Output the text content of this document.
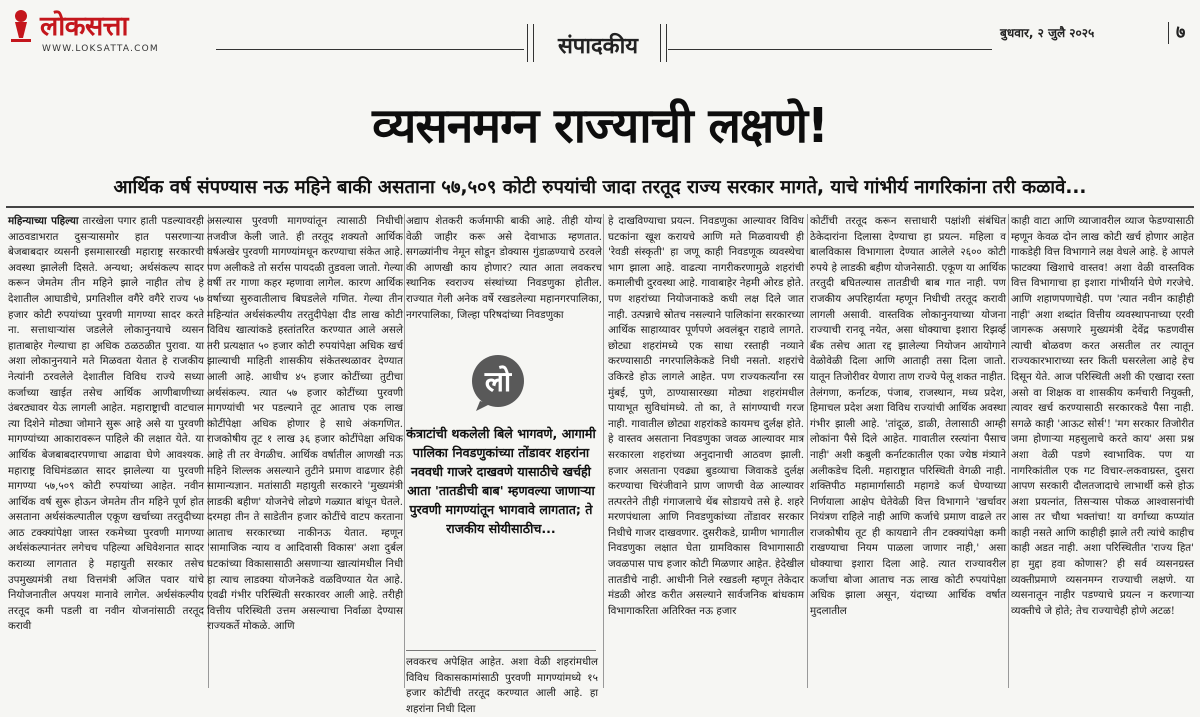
लोकसत्ता
WWW.LOKSATTA.COM	संपादकीय
बुधवार, २ जुलै २०२५	७
व्यसनमग्न राज्याची लक्षणे!
आर्थिक वर्ष संपण्यास नऊ महिने बाकी असताना ५७,५०९ कोटी रुपयांची जादा तरतूद राज्य सरकार मागते, याचे गांभीर्य नागरिकांना तरी कळावे...

महिन्याच्या पहिल्या तारखेला पगार हाती पडल्यावरही आठवडाभरात दुसऱ्यासमोर हात पसरणाऱ्या बेजबाबदार व्यसनी इसमासारखी महाराष्ट्र सरकारची अवस्था झालेली दिसते. अन्यथा; अर्थसंकल्प सादर करून जेमतेम तीन महिने झाले नाहीत तोच हे देशातील आघाडीचे, प्रगतिशील वगैरे वगैरे राज्य ५७ हजार कोटी रुपयांच्या पुरवणी मागण्या सादर करते ना. सत्ताधाऱ्यांस जडलेले लोकानुनयाचे व्यसन हाताबाहेर गेल्याचा हा अधिक ठळठळीत पुरावा. या अशा लोकानुनयाने मते मिळवता येतात हे राजकीय नेत्यांनी ठरवलेले देशातील विविध राज्ये सध्या कर्जाच्या खाईत तसेच आर्थिक आणीबाणीच्या उंबरठ्यावर येऊ लागली आहेत. महाराष्ट्राची वाटचाल त्या दिशेने मोठ्या जोमाने सुरू आहे असे या पुरवणी मागण्यांच्या आकारावरून पाहिले की लक्षात येते. या आर्थिक बेजबाबदारपणाचा आढावा घेणे आवश्यक. महाराष्ट्र विधिमंडळात सादर झालेल्या या पुरवणी मागण्या ५७,५०९ कोटी रुपयांच्या आहेत. नवीन आर्थिक वर्ष सुरू होऊन जेमतेम तीन महिने पूर्ण होत असताना अर्थसंकल्पातील एकूण खर्चाच्या तरतुदीच्या आठ टक्क्यांपेक्षा जास्त रकमेच्या पुरवणी मागण्या अर्थसंकल्पानंतर लगेचच पहिल्या अधिवेशनात सादर कराव्या लागतात हे महायुती सरकार तसेच उपमुख्यमंत्री तथा वित्तमंत्री अजित पवार यांचे नियोजनातील अपयश मानावे लागेल. अर्थसंकल्पीय तरतूद कमी पडली वा नवीन योजनांसाठी तरतूद करावी

असल्यास पुरवणी मागण्यांतून त्यासाठी निधीची तजवीज केली जाते. ही तरतूद शक्यतो आर्थिक वर्षअखेर पुरवणी मागण्यांमधून करण्याचा संकेत आहे. पण अलीकडे तो सर्रास पायदळी तुडवला जातो. गेल्या वर्षी तर गाणा कहर म्हणावा लागेल. कारण आर्थिक वर्षाच्या सुरुवातीलाच बिघडलेले गणित. गेल्या तीन महिन्यांत अर्थसंकल्पीय तरतुदीपेक्षा दीड लाख कोटी विविध खात्यांकडे हस्तांतरित करण्यात आले असले तरी प्रत्यक्षात ५० हजार कोटी रुपयांपेक्षा अधिक खर्च झाल्याची माहिती शासकीय संकेतस्थळावर देण्यात आली आहे. आधीच ४५ हजार कोटींच्या तुटीचा अर्थसंकल्प. त्यात ५७ हजार कोटींच्या पुरवणी मागण्यांची भर पडल्याने तूट आताच एक लाख कोटींपेक्षा अधिक होणार हे साधे अंकगणित. राजकोषीय तूट १ लाख ३६ हजार कोटींपेक्षा अधिक आहे ती तर वेगळीच. आर्थिक वर्षातील आणखी नऊ महिने शिल्लक असल्याने तुटीने प्रमाण वाढणार हेही सामान्यज्ञान. मतांसाठी महायुती सरकारने 'मुख्यमंत्री लाडकी बहीण' योजनेचे लोढणे गळ्यात बांधून घेतले. दरमहा तीन ते साडेतीन हजार कोटींचे वाटप करताना आताच सरकारच्या नाकीनऊ येतात. म्हणून 'सामाजिक न्याय व आदिवासी विकास' अशा दुर्बल घटकांच्या विकासासाठी असणाऱ्या खात्यांमधील निधी हा त्याच लाडक्या योजनेकडे वळविण्यात येत आहे. एवढी गंभीर परिस्थिती सरकारवर आली आहे. तरीही वित्तीय परिस्थिती उत्तम असल्याचा निर्वाळा देण्यास राज्यकर्ते मोकळे. आणि

अद्याप शेतकरी कर्जमाफी बाकी आहे. तीही योग्य वेळी जाहीर करू असे देवाभाऊ म्हणतात. सगळ्यांनीच नेमून सोडून डोक्यास गुंडाळण्याचे ठरवले की आणखी काय होणार? त्यात आता लवकरच स्थानिक स्वराज्य संस्थांच्या निवडणुका होतील. राज्यात गेली अनेक वर्षे रखडलेल्या महानगरपालिका, नगरपालिका, जिल्हा परिषदांच्या निवडणुका

लो
कंत्राटांची थकलेली बिले भागवणे, आगामी पालिका निवडणुकांच्या तोंडावर शहरांना नववधी गाजरे दाखवणे यासाठीचे खर्चही आता 'तातडीची बाब' म्हणवल्या जाणाऱ्या पुरवणी मागण्यांतून भागवावे लागतात; ते राजकीय सोयीसाठीच...

लवकरच अपेक्षित आहेत. अशा वेळी शहरांमधील विविध विकासकामांसाठी पुरवणी मागण्यांमध्ये १५ हजार कोटींची तरतूद करण्यात आली आहे. हा शहरांना निधी दिला

हे दाखविण्याचा प्रयत्न. निवडणुका आल्यावर विविध घटकांना खूश करायचे आणि मते मिळवायची ही 'रेवडी संस्कृती' हा जणू काही निवडणूक व्यवस्थेचा भाग झाला आहे. वाढत्या नागरीकरणामुळे शहरांची कमालीची दुरवस्था आहे. गावाबाहेर नेहमी ओरड होते. पण शहरांच्या नियोजनाकडे कधी लक्ष दिले जात नाही. उत्पन्नाचे स्रोतच नसल्याने पालिकांना सरकारच्या आर्थिक साहाय्यावर पूर्णपणे अवलंबून राहावे लागते. छोट्या शहरांमध्ये एक साधा रस्ताही नव्याने करण्यासाठी नगरपालिकेकडे निधी नसतो. शहरांचे उकिरडे होऊ लागले आहेत. पण राज्यकर्त्यांना रस मुंबई, पुणे, ठाण्यासारख्या मोठ्या शहरांमधील पायाभूत सुविधांमध्ये. तो का, ते सांगण्याची गरज नाही. गावातील छोट्या शहरांकडे कायमच दुर्लक्ष होते. हे वास्तव असताना निवडणुका जवळ आल्यावर मात्र सरकारला शहरांच्या अनुदानाची आठवण झाली. हजार असताना एवढ्या बुडव्याचा जिवाकडे दुर्लक्ष करण्याचा चिरंजीवाने प्राण जाणची वेळ आल्यावर तत्परतेने तीही गंगाजलाचे थेंब सोडायचे तसे हे. शहरे मरणपंथाला आणि निवडणुकांच्या तोंडावर सरकार निधीचे गाजर दाखवणार. दुसरीकडे, ग्रामीण भागातील निवडणुका लक्षात घेता ग्रामविकास विभागासाठी जवळपास पाच हजार कोटी मिळणार आहेत. हेदेखील तातडीचे नाही. आधीनी निले रखडली म्हणून तेकेदार मंडळी ओरड करीत असल्याने सार्वजनिक बांधकाम विभागाकरिता अतिरिक्त नऊ हजार

कोटींची तरतूद करून सत्ताधारी पक्षांशी संबंधित ठेकेदारांना दिलासा देण्याचा हा प्रयत्न. महिला व बालविकास विभागाला देण्यात आलेले २६०० कोटी रुपये हे लाडकी बहीण योजनेसाठी. एकूण या आर्थिक तरतुदी बघितल्यास तातडीची बाब गात नाही. पण राजकीय अपरिहार्यता म्हणून निधीची तरतूद करावी लागली असावी. वास्तविक लोकानुनयाच्या योजना राज्याची रानवू नयेत, असा धोक्याचा इशारा रिझर्व्ह बँक तसेच आता रद्द झालेल्या नियोजन आयोगाने वेळोवेळी दिला आणि आताही तसा दिला जातो. यातून तिजोरीवर येणारा ताण राज्ये पेलू शकत नाहीत. तेलंगणा, कर्नाटक, पंजाब, राजस्थान, मध्य प्रदेश, हिमाचल प्रदेश अशा विविध राज्यांची आर्थिक अवस्था गंभीर झाली आहे. 'तांदूळ, डाळी, तेलासाठी आम्ही लोकांना पैसे दिले आहेत. गावातील रस्त्यांना पैसाच नाही' अशी कबुली कर्नाटकातील एका ज्येष्ठ मंत्र्याने अलीकडेच दिली. महाराष्ट्रात परिस्थिती वेगळी नाही. शक्तिपीठ महामार्गासाठी महागडे कर्ज घेण्याच्या निर्णयाला आक्षेप घेतेवेळी वित्त विभागाने 'खर्चावर नियंत्रण राहिले नाही आणि कर्जाचे प्रमाण वाढले तर राजकोषीय तूट ही कायद्याने तीन टक्क्यांपेक्षा कमी राखण्याचा नियम पाळला जाणार नाही,' असा धोक्याचा इशारा दिला आहे. त्यात राज्यावरील कर्जाचा बोजा आताच नऊ लाख कोटी रुपयांपेक्षा अधिक झाला असून, यंदाच्या आर्थिक वर्षात मुदलातील

काही वाटा आणि व्याजावरील व्याज फेडण्यासाठी म्हणून केवळ दोन लाख कोटी खर्च होणार आहेत गाकडेही वित्त विभागाने लक्ष वेधले आहे. हे आपले फाटक्या खिशाचे वास्तव! अशा वेळी वास्तविक वित्त विभागाचा हा इशारा गांभीर्याने घेणे गरजेचे. आणि शहाणपणाचेही. पण 'त्यात नवीन काहीही नाही' अशा शब्दांत वित्तीय व्यवस्थापनाच्या एरवी जागरूक असणारे मुख्यमंत्री देवेंद्र फडणवीस त्याची बोळवण करत असतील तर त्यातून राज्यकारभाराच्या स्तर किती घसरलेला आहे हेच दिसून येते. आज परिस्थिती अशी की एखादा रस्ता असो वा शिक्षक वा शासकीय कर्मचारी नियुक्ती, त्यावर खर्च करण्यासाठी सरकारकडे पैसा नाही. सगळे काही 'आऊट सोर्स'! 'मग सरकार तिजोरीत जमा होणाऱ्या महसुलाचे करते काय' असा प्रश्न अशा वेळी पडणे स्वाभाविक. पण या नागरिकांतील एक गट विचार-लकवाग्रस्त, दुसरा आपण सरकारी दौलतजादाचे लाभार्थी कसे होऊ अशा प्रयत्नांत, तिसऱ्यास पोकळ आश्वासनांची आस तर चौथा भक्तांचा! या वर्गाच्या कप्प्यांत काही नसते आणि काहीही झाले तरी त्यांचे काहीच काही अडत नाही. अशा परिस्थितीत 'राज्य हित' हा मुद्दा हवा कोणास? ही सर्व व्यसनग्रस्त व्यक्तीप्रमाणे व्यसनमग्न राज्याची लक्षणे. या व्यसनातून नाहीर पडण्याचे प्रयत्न न करणाऱ्या व्यक्तीचे जे होते; तेच राज्याचेही होणे अटळ!
